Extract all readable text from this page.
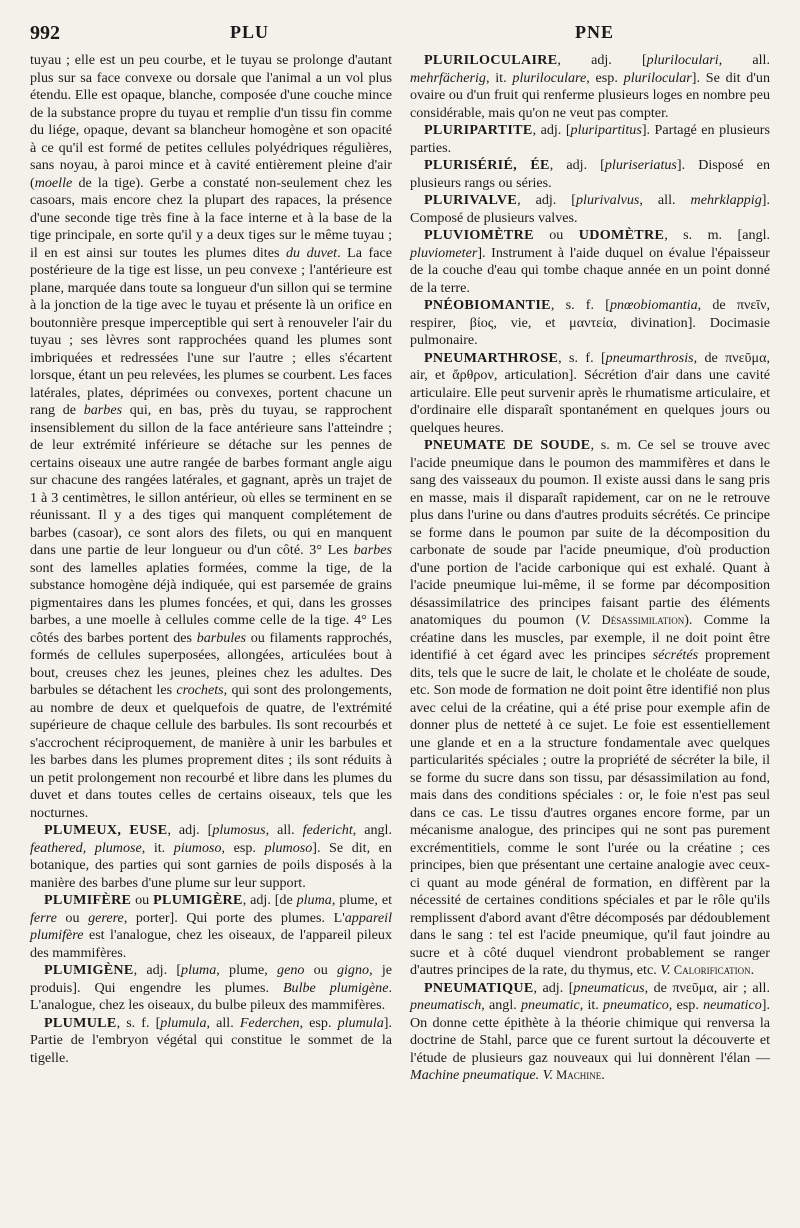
992	PLU	PNE

tuyau ; elle est un peu courbe, et le tuyau se prolonge d'autant plus sur sa face convexe ou dorsale que l'animal a un vol plus étendu. Elle est opaque, blanche, composée d'une couche mince de la substance propre du tuyau et remplie d'un tissu fin comme du liége, opaque, devant sa blancheur homogène et son opacité à ce qu'il est formé de petites cellules polyédriques régulières, sans noyau, à paroi mince et à cavité entièrement pleine d'air (moelle de la tige). Gerbe a constaté non-seulement chez les casoars, mais encore chez la plupart des rapaces, la présence d'une seconde tige très fine à la face interne et à la base de la tige principale, en sorte qu'il y a deux tiges sur le même tuyau ; il en est ainsi sur toutes les plumes dites du duvet. La face postérieure de la tige est lisse, un peu convexe ; l'antérieure est plane, marquée dans toute sa longueur d'un sillon qui se termine à la jonction de la tige avec le tuyau et présente là un orifice en boutonnière presque imperceptible qui sert à renouveler l'air du tuyau ; ses lèvres sont rapprochées quand les plumes sont imbriquées et redressées l'une sur l'autre ; elles s'écartent lorsque, étant un peu relevées, les plumes se courbent. Les faces latérales, plates, déprimées ou convexes, portent chacune un rang de barbes qui, en bas, près du tuyau, se rapprochent insensiblement du sillon de la face antérieure sans l'atteindre ; de leur extrémité inférieure se détache sur les pennes de certains oiseaux une autre rangée de barbes formant angle aigu sur chacune des rangées latérales, et gagnant, après un trajet de 1 à 3 centimètres, le sillon antérieur, où elles se terminent en se réunissant. Il y a des tiges qui manquent complétement de barbes (casoar), ce sont alors des filets, ou qui en manquent dans une partie de leur longueur ou d'un côté. 3° Les barbes sont des lamelles aplaties formées, comme la tige, de la substance homogène déjà indiquée, qui est parsemée de grains pigmentaires dans les plumes foncées, et qui, dans les grosses barbes, a une moelle à cellules comme celle de la tige. 4° Les côtés des barbes portent des barbules ou filaments rapprochés, formés de cellules superposées, allongées, articulées bout à bout, creuses chez les jeunes, pleines chez les adultes. Des barbules se détachent les crochets, qui sont des prolongements, au nombre de deux et quelquefois de quatre, de l'extrémité supérieure de chaque cellule des barbules. Ils sont recourbés et s'accrochent réciproquement, de manière à unir les barbules et les barbes dans les plumes proprement dites ; ils sont réduits à un petit prolongement non recourbé et libre dans les plumes du duvet et dans toutes celles de certains oiseaux, tels que les nocturnes.

PLUMEUX, EUSE, adj. [plumosus, all. federicht, angl. feathered, plumose, it. piumoso, esp. plumoso]. Se dit, en botanique, des parties qui sont garnies de poils disposés à la manière des barbes d'une plume sur leur support.

PLUMIFÈRE ou PLUMIGÈRE, adj. [de pluma, plume, et ferre ou gerere, porter]. Qui porte des plumes. L'appareil plumifère est l'analogue, chez les oiseaux, de l'appareil pileux des mammifères.

PLUMIGÈNE, adj. [pluma, plume, geno ou gigno, je produis]. Qui engendre les plumes. Bulbe plumigène. L'analogue, chez les oiseaux, du bulbe pileux des mammifères.

PLUMULE, s. f. [plumula, all. Federchen, esp. plumula]. Partie de l'embryon végétal qui constitue le sommet de la tigelle.

PLURILOCULAIRE, adj. [pluriloculari, all. mehrfächerig, it. pluriloculare, esp. plurilocular]. Se dit d'un ovaire ou d'un fruit qui renferme plusieurs loges en nombre peu considérable, mais qu'on ne veut pas compter.

PLURIPARTITE, adj. [pluripartitus]. Partagé en plusieurs parties.

PLURISÉRIÉ, ÉE, adj. [pluriseriatus]. Disposé en plusieurs rangs ou séries.

PLURIVALVE, adj. [plurivalvus, all. mehrklappig]. Composé de plusieurs valves.

PLUVIOMÈTRE ou UDOMÈTRE, s. m. [angl. pluviometer]. Instrument à l'aide duquel on évalue l'épaisseur de la couche d'eau qui tombe chaque année en un point donné de la terre.

PNÉOBIOMANTIE, s. f. [pnœobiomantia, de πνεῖν, respirer, βίος, vie, et μαντεία, divination]. Docimasie pulmonaire.

PNEUMARTHROSE, s. f. [pneumarthrosis, de πνεῦμα, air, et ἄρθρον, articulation]. Sécrétion d'air dans une cavité articulaire. Elle peut survenir après le rhumatisme articulaire, et d'ordinaire elle disparaît spontanément en quelques jours ou quelques heures.

PNEUMATE DE SOUDE, s. m. Ce sel se trouve avec l'acide pneumique dans le poumon des mammifères et dans le sang des vaisseaux du poumon. Il existe aussi dans le sang pris en masse, mais il disparaît rapidement, car on ne le retrouve plus dans l'urine ou dans d'autres produits sécrétés. Ce principe se forme dans le poumon par suite de la décomposition du carbonate de soude par l'acide pneumique, d'où production d'une portion de l'acide carbonique qui est exhalé. Quant à l'acide pneumique lui-même, il se forme par décomposition désassimilatrice des principes faisant partie des éléments anatomiques du poumon (V. Désassimilation). Comme la créatine dans les muscles, par exemple, il ne doit point être identifié à cet égard avec les principes sécrétés proprement dits, tels que le sucre de lait, le cholate et le choléate de soude, etc. Son mode de formation ne doit point être identifié non plus avec celui de la créatine, qui a été prise pour exemple afin de donner plus de netteté à ce sujet. Le foie est essentiellement une glande et en a la structure fondamentale avec quelques particularités spéciales ; outre la propriété de sécréter la bile, il se forme du sucre dans son tissu, par désassimilation au fond, mais dans des conditions spéciales : or, le foie n'est pas seul dans ce cas. Le tissu d'autres organes encore forme, par un mécanisme analogue, des principes qui ne sont pas purement excrémentitiels, comme le sont l'urée ou la créatine ; ces principes, bien que présentant une certaine analogie avec ceux-ci quant au mode général de formation, en diffèrent par la nécessité de certaines conditions spéciales et par le rôle qu'ils remplissent d'abord avant d'être décomposés par dédoublement dans le sang : tel est l'acide pneumique, qu'il faut joindre au sucre et à côté duquel viendront probablement se ranger d'autres principes de la rate, du thymus, etc. V. Calorification.

PNEUMATIQUE, adj. [pneumaticus, de πνεῦμα, air ; all. pneumatisch, angl. pneumatic, it. pneumatico, esp. neumatico]. On donne cette épithète à la théorie chimique qui renversa la doctrine de Stahl, parce que ce furent surtout la découverte et l'étude de plusieurs gaz nouveaux qui lui donnèrent l'élan — Machine pneumatique. V. Machine.
